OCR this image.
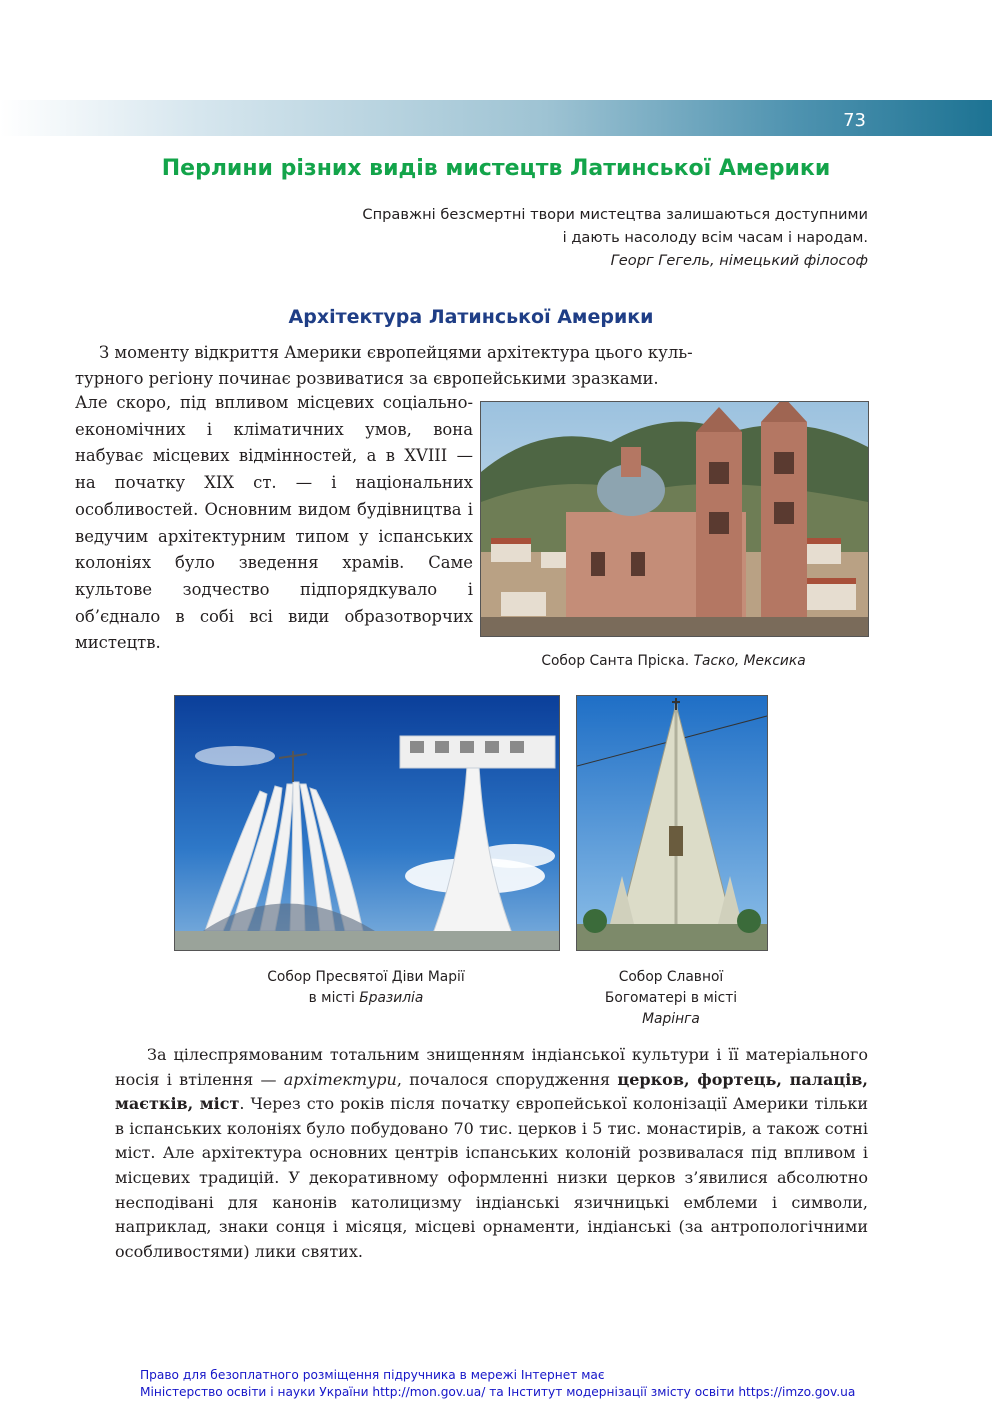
73
Перлини різних видів мистецтв Латинської Америки
Справжні безсмертні твори мистецтва залишаються доступними
і дають насолоду всім часам і народам.
Георг Гегель, німецький філософ
Архітектура Латинської Америки
З моменту відкриття Америки європейцями архітектура цього куль-
турного регіону починає розвиватися за європейськими зразками.

Але скоро, під впливом місцевих соціально-економічних і кліматичних умов, вона набуває місцевих відмінностей, а в XVIII — на початку XIX ст. — і національних особливостей. Основним видом будівництва і ведучим архітектурним типом у іспанських колоніях було зведення храмів. Саме культове зодчество підпорядкувало і об’єднало в собі всі види образотворчих мистецтв.

Собор Санта Пріска. Таско, Мексика
Собор Пресвятої Діви Марії
в місті Бразиліа
Собор Славної
Богоматері в місті
Марінга

За цілеспрямованим тотальним знищенням індіанської культури і її матеріального носія і втілення — архітектури, почалося спорудження церков, фортець, палаців, маєтків, міст. Через сто років після початку європейської колонізації Америки тільки в іспанських колоніях було побудовано 70 тис. церков і 5 тис. монастирів, а також сотні міст. Але архітектура основних центрів іспанських колоній розвивалася під впливом і місцевих традицій. У декоративному оформленні низки церков з’явилися абсолютно несподівані для канонів католицизму індіанські язичницькі емблеми і символи, наприклад, знаки сонця і місяця, місцеві орнаменти, індіанські (за антропологічними особливостями) лики святих.

Право для безоплатного розміщення підручника в мережі Інтернет має
Міністерство освіти і науки України http://mon.gov.ua/ та Інститут модернізації змісту освіти https://imzo.gov.ua
